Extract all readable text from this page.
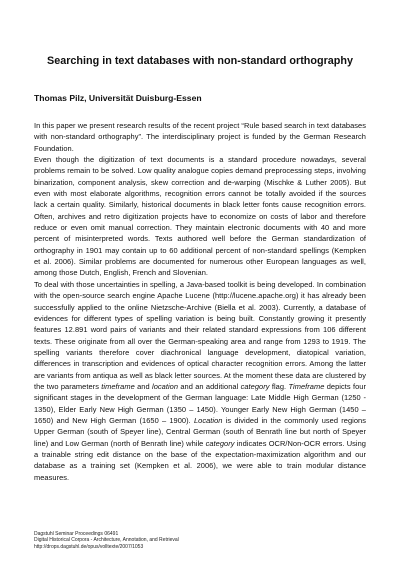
Searching in text databases with non-standard orthography
Thomas Pilz, Universität Duisburg-Essen

In this paper we present research results of the recent project “Rule based search in text databases with non-standard orthography”. The interdisciplinary project is funded by the German Research Foundation.

Even though the digitization of text documents is a standard procedure nowadays, several problems remain to be solved. Low quality analogue copies demand preprocessing steps, involving binarization, component analysis, skew correction and de-warping (Mischke & Luther 2005). But even with most elaborate algorithms, recognition errors cannot be totally avoided if the sources lack a certain quality. Similarly, historical documents in black letter fonts cause recognition errors. Often, archives and retro digitization projects have to economize on costs of labor and therefore reduce or even omit manual correction. They maintain electronic documents with 40 and more percent of misinterpreted words. Texts authored well before the German standardization of orthography in 1901 may contain up to 60 additional percent of non-standard spellings (Kempken et al. 2006). Similar problems are documented for numerous other European languages as well, among those Dutch, English, French and Slovenian.

To deal with those uncertainties in spelling, a Java-based toolkit is being developed. In combination with the open-source search engine Apache Lucene (http://lucene.apache.org) it has already been successfully applied to the online Nietzsche-Archive (Biella et al. 2003). Currently, a database of evidences for different types of spelling variation is being built. Constantly growing it presently features 12.891 word pairs of variants and their related standard expressions from 106 different texts. These originate from all over the German-speaking area and range from 1293 to 1919. The spelling variants therefore cover diachronical language development, diatopical variation, differences in transcription and evidences of optical character recognition errors. Among the latter are variants from antiqua as well as black letter sources. At the moment these data are clustered by the two parameters timeframe and location and an additional category flag. Timeframe depicts four significant stages in the development of the German language: Late Middle High German (1250 - 1350), Elder Early New High German (1350 – 1450). Younger Early New High German (1450 – 1650) and New High German (1650 – 1900). Location is divided in the commonly used regions Upper German (south of Speyer line), Central German (south of Benrath line but north of Speyer line) and Low German (north of Benrath line) while category indicates OCR/Non-OCR errors. Using a trainable string edit distance on the base of the expectation-maximization algorithm and our database as a training set (Kempken et al. 2006), we were able to train modular distance measures.

Dagstuhl Seminar Proceedings 06491
Digital Historical Corpora - Architecture, Annotation, and Retrieval
http://drops.dagstuhl.de/opus/volltexte/2007/1053
